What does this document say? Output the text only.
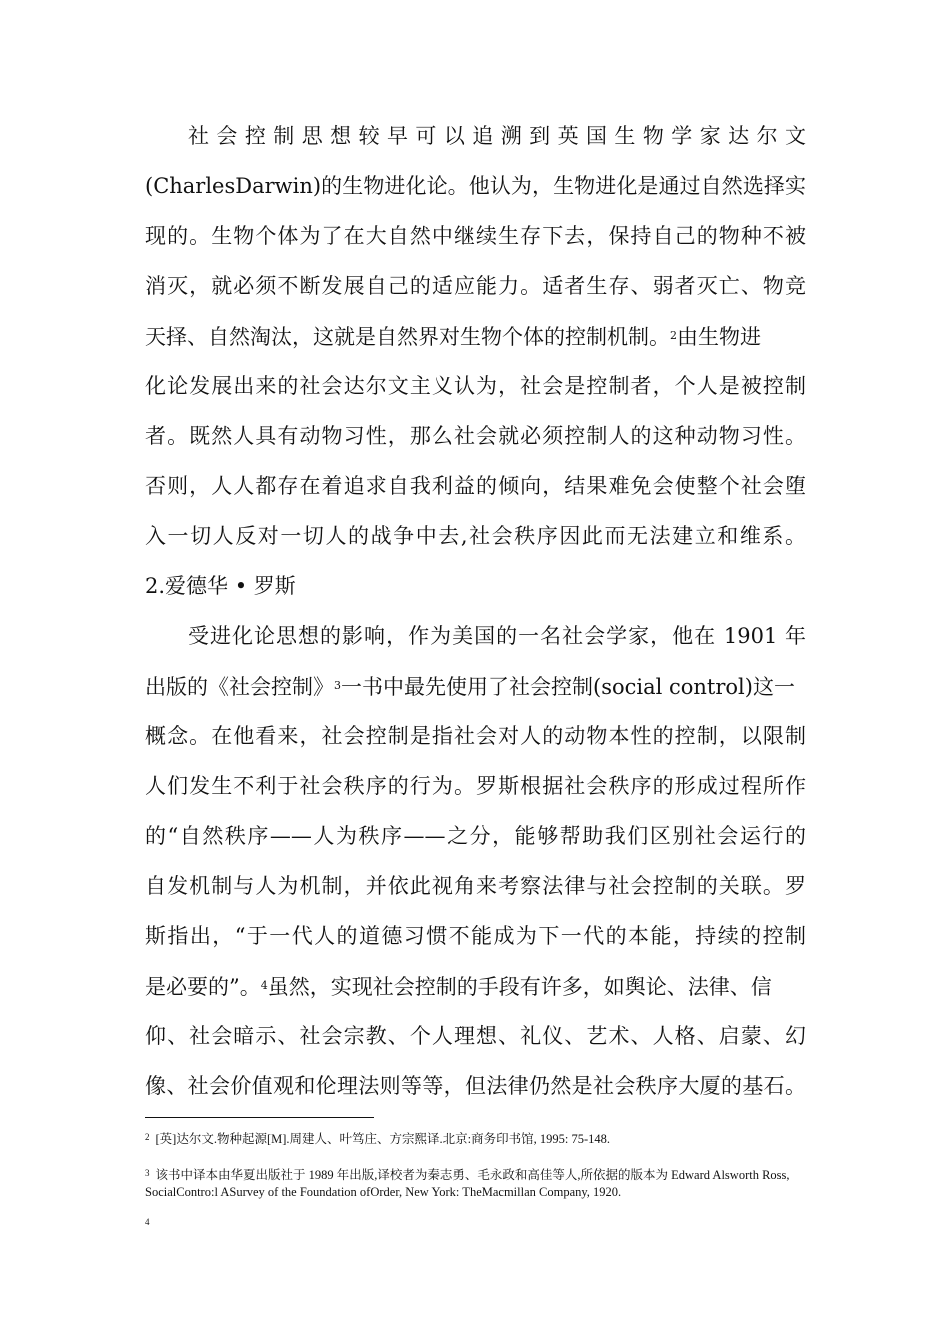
社会控制思想较早可以追溯到英国生物学家达尔文
(CharlesDarwin)的生物进化论。他认为，生物进化是通过自然选择实
现的。生物个体为了在大自然中继续生存下去，保持自己的物种不被
消灭，就必须不断发展自己的适应能力。适者生存、弱者灭亡、物竞
天择、自然淘汰，这就是自然界对生物个体的控制机制。$^2$由生物进
化论发展出来的社会达尔文主义认为，社会是控制者，个人是被控制
者。既然人具有动物习性，那么社会就必须控制人的这种动物习性。
否则，人人都存在着追求自我利益的倾向，结果难免会使整个社会堕
入一切人反对一切人的战争中去,社会秩序因此而无法建立和维系。
2.爱德华 • 罗斯
受进化论思想的影响，作为美国的一名社会学家，他在 1901 年
出版的《社会控制》$^3$一书中最先使用了社会控制(social control)这一
概念。在他看来，社会控制是指社会对人的动物本性的控制，以限制
人们发生不利于社会秩序的行为。罗斯根据社会秩序的形成过程所作
的“自然秩序——人为秩序——之分，能够帮助我们区别社会运行的
自发机制与人为机制，并依此视角来考察法律与社会控制的关联。罗
斯指出，“于一代人的道德习惯不能成为下一代的本能，持续的控制
是必要的”。$^4$虽然，实现社会控制的手段有许多，如舆论、法律、信
仰、社会暗示、社会宗教、个人理想、礼仪、艺术、人格、启蒙、幻
像、社会价值观和伦理法则等等，但法律仍然是社会秩序大厦的基石。
$^2$ [英]达尔文.物种起源[M].周建人、叶笃庄、方宗熙译.北京:商务印书馆, 1995: 75-148.
$^3$ 该书中译本由华夏出版社于 1989 年出版,译校者为秦志勇、毛永政和高佳等人,所依据的版本为 Edward Alsworth Ross, SocialContro:l ASurvey of the Foundation ofOrder, New York: TheMacmillan Company, 1920.
$^4$
